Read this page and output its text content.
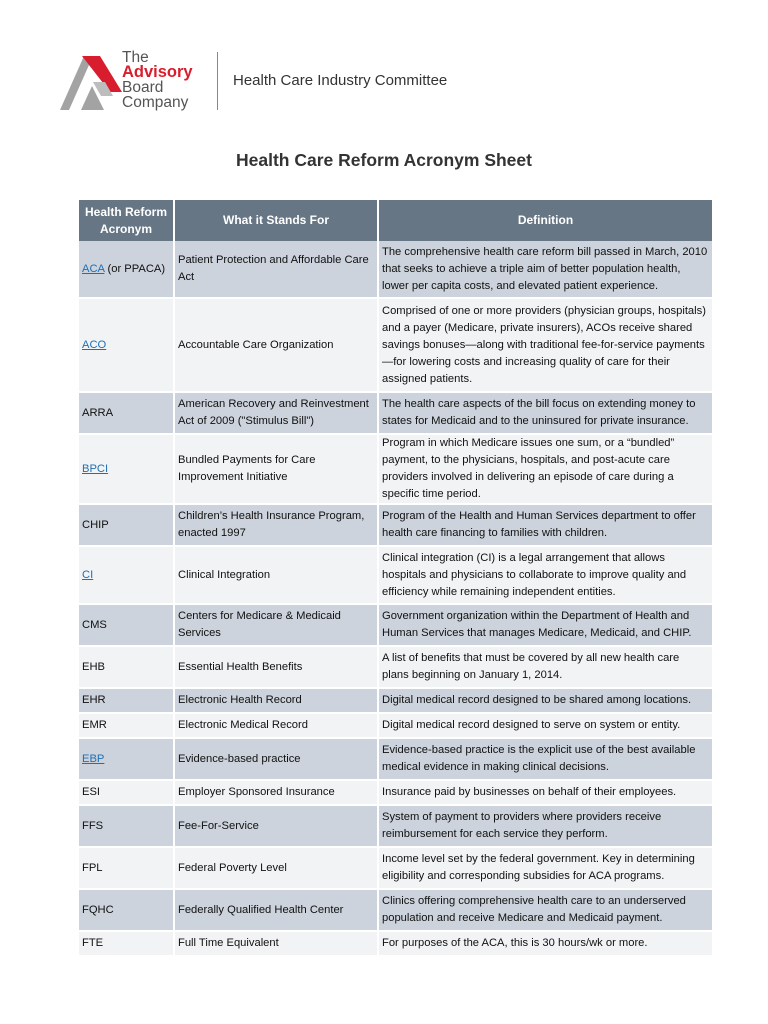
The
Advisory
Board
Company
Health Care Industry Committee
Health Care Reform Acronym Sheet
Health Reform Acronym	What it Stands For	Definition
ACA (or PPACA)	Patient Protection and Affordable Care Act	The comprehensive health care reform bill passed in March, 2010 that seeks to achieve a triple aim of better population health, lower per capita costs, and elevated patient experience.
ACO	Accountable Care Organization	Comprised of one or more providers (physician groups, hospitals) and a payer (Medicare, private insurers), ACOs receive shared savings bonuses—along with traditional fee-for-service payments—for lowering costs and increasing quality of care for their assigned patients.
ARRA	American Recovery and Reinvestment Act of 2009 ("Stimulus Bill")	The health care aspects of the bill focus on extending money to states for Medicaid and to the uninsured for private insurance.
BPCI	Bundled Payments for Care Improvement Initiative	Program in which Medicare issues one sum, or a “bundled” payment, to the physicians, hospitals, and post-acute care providers involved in delivering an episode of care during a specific time period.
CHIP	Children’s Health Insurance Program, enacted 1997	Program of the Health and Human Services department to offer health care financing to families with children.
CI	Clinical Integration	Clinical integration (CI) is a legal arrangement that allows hospitals and physicians to collaborate to improve quality and efficiency while remaining independent entities.
CMS	Centers for Medicare & Medicaid Services	Government organization within the Department of Health and Human Services that manages Medicare, Medicaid, and CHIP.
EHB	Essential Health Benefits	A list of benefits that must be covered by all new health care plans beginning on January 1, 2014.
EHR	Electronic Health Record	Digital medical record designed to be shared among locations.
EMR	Electronic Medical Record	Digital medical record designed to serve on system or entity.
EBP	Evidence-based practice	Evidence-based practice is the explicit use of the best available medical evidence in making clinical decisions.
ESI	Employer Sponsored Insurance	Insurance paid by businesses on behalf of their employees.
FFS	Fee-For-Service	System of payment to providers where providers receive reimbursement for each service they perform.
FPL	Federal Poverty Level	Income level set by the federal government. Key in determining eligibility and corresponding subsidies for ACA programs.
FQHC	Federally Qualified Health Center	Clinics offering comprehensive health care to an underserved population and receive Medicare and Medicaid payment.
FTE	Full Time Equivalent	For purposes of the ACA, this is 30 hours/wk or more.
